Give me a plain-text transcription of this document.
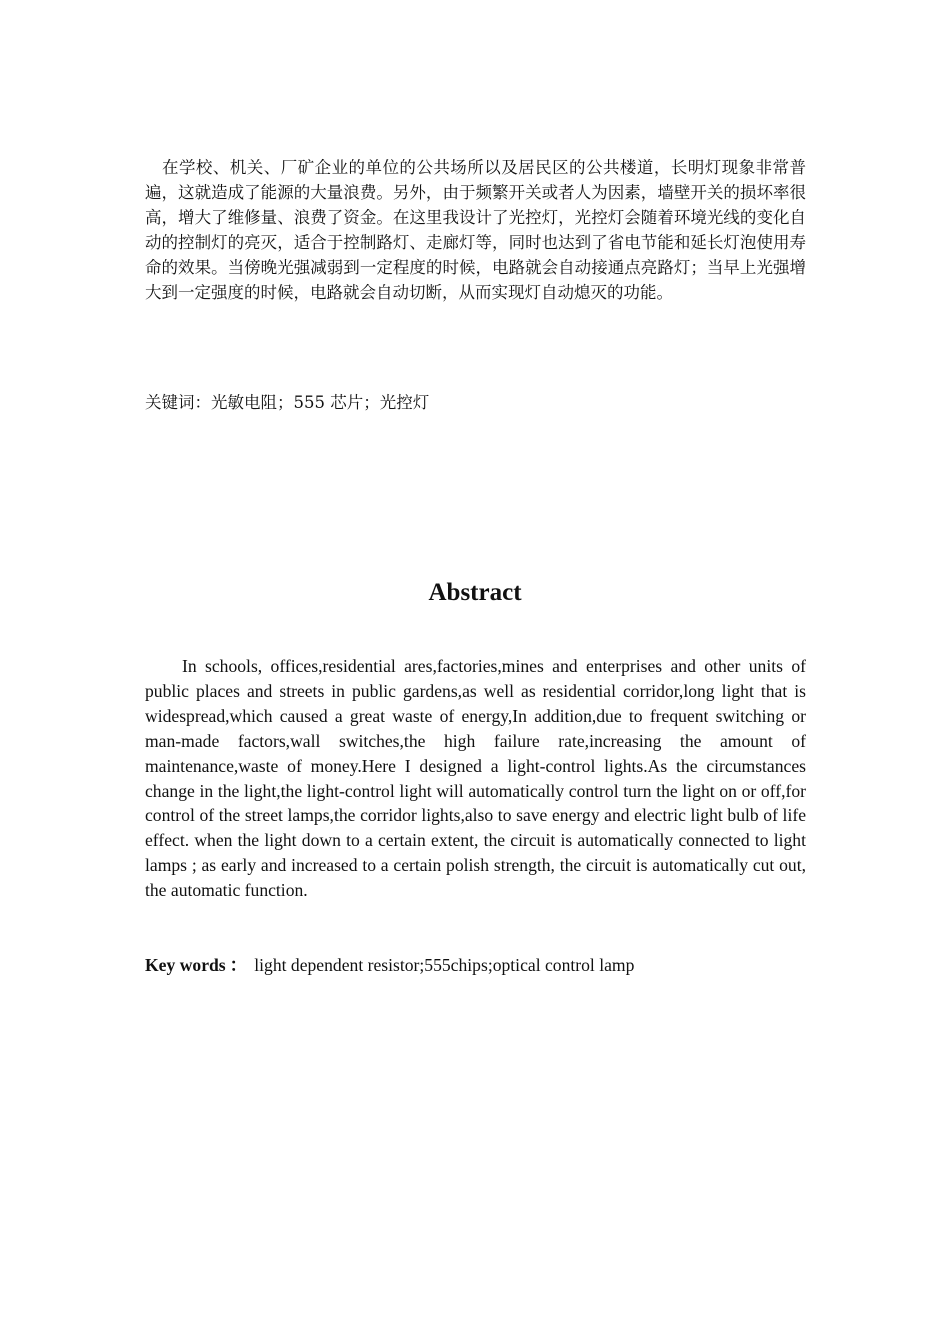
在学校、机关、厂矿企业的单位的公共场所以及居民区的公共楼道，长明灯现象非常普遍，这就造成了能源的大量浪费。另外，由于频繁开关或者人为因素，墙壁开关的损坏率很高，增大了维修量、浪费了资金。在这里我设计了光控灯，光控灯会随着环境光线的变化自动的控制灯的亮灭，适合于控制路灯、走廊灯等，同时也达到了省电节能和延长灯泡使用寿命的效果。当傍晚光强减弱到一定程度的时候，电路就会自动接通点亮路灯；当早上光强增大到一定强度的时候，电路就会自动切断，从而实现灯自动熄灭的功能。

关键词：光敏电阻；555 芯片；光控灯

Abstract

In schools, offices,residential ares,factories,mines and enterprises and other units of public places and streets in public gardens,as well as residential corridor,long light that is widespread,which caused a great waste of energy,In addition,due to frequent switching or man-made factors,wall switches,the high failure rate,increasing the amount of maintenance,waste of money.Here I designed a light-control lights.As the circumstances change in the light,the light-control light will automatically control turn the light on or off,for control of the street lamps,the corridor lights,also to save energy and electric light bulb of life effect. when the light down to a certain extent, the circuit is automatically connected to light lamps ; as early and increased to a certain polish strength, the circuit is automatically cut out, the automatic function.

Key words ： light dependent resistor;555chips;optical control lamp
